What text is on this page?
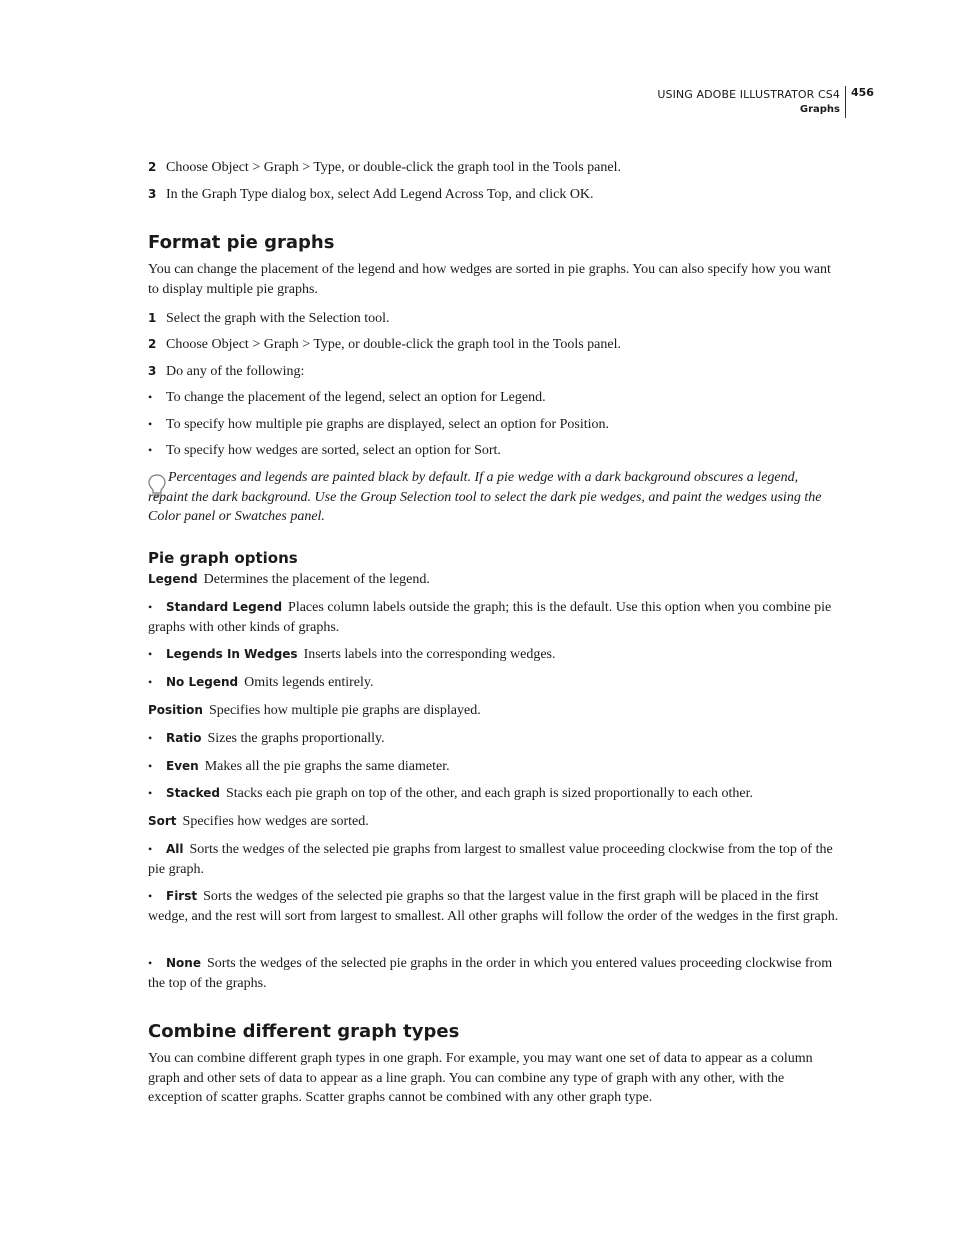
USING ADOBE ILLUSTRATOR CS4
Graphs
456
2 Choose Object > Graph > Type, or double-click the graph tool in the Tools panel.
3 In the Graph Type dialog box, select Add Legend Across Top, and click OK.
Format pie graphs

You can change the placement of the legend and how wedges are sorted in pie graphs. You can also specify how you want to display multiple pie graphs.

1 Select the graph with the Selection tool.
2 Choose Object > Graph > Type, or double-click the graph tool in the Tools panel.
3 Do any of the following:
• To change the placement of the legend, select an option for Legend.
• To specify how multiple pie graphs are displayed, select an option for Position.
• To specify how wedges are sorted, select an option for Sort.

Percentages and legends are painted black by default. If a pie wedge with a dark background obscures a legend, repaint the dark background. Use the Group Selection tool to select the dark pie wedges, and paint the wedges using the Color panel or Swatches panel.

Pie graph options
Legend Determines the placement of the legend.
• Standard Legend Places column labels outside the graph; this is the default. Use this option when you combine pie graphs with other kinds of graphs.
• Legends In Wedges Inserts labels into the corresponding wedges.
• No Legend Omits legends entirely.
Position Specifies how multiple pie graphs are displayed.
• Ratio Sizes the graphs proportionally.
• Even Makes all the pie graphs the same diameter.
• Stacked Stacks each pie graph on top of the other, and each graph is sized proportionally to each other.
Sort Specifies how wedges are sorted.
• All Sorts the wedges of the selected pie graphs from largest to smallest value proceeding clockwise from the top of the pie graph.
• First Sorts the wedges of the selected pie graphs so that the largest value in the first graph will be placed in the first wedge, and the rest will sort from largest to smallest. All other graphs will follow the order of the wedges in the first graph.
• None Sorts the wedges of the selected pie graphs in the order in which you entered values proceeding clockwise from the top of the graphs.
Combine different graph types

You can combine different graph types in one graph. For example, you may want one set of data to appear as a column graph and other sets of data to appear as a line graph. You can combine any type of graph with any other, with the exception of scatter graphs. Scatter graphs cannot be combined with any other graph type.
